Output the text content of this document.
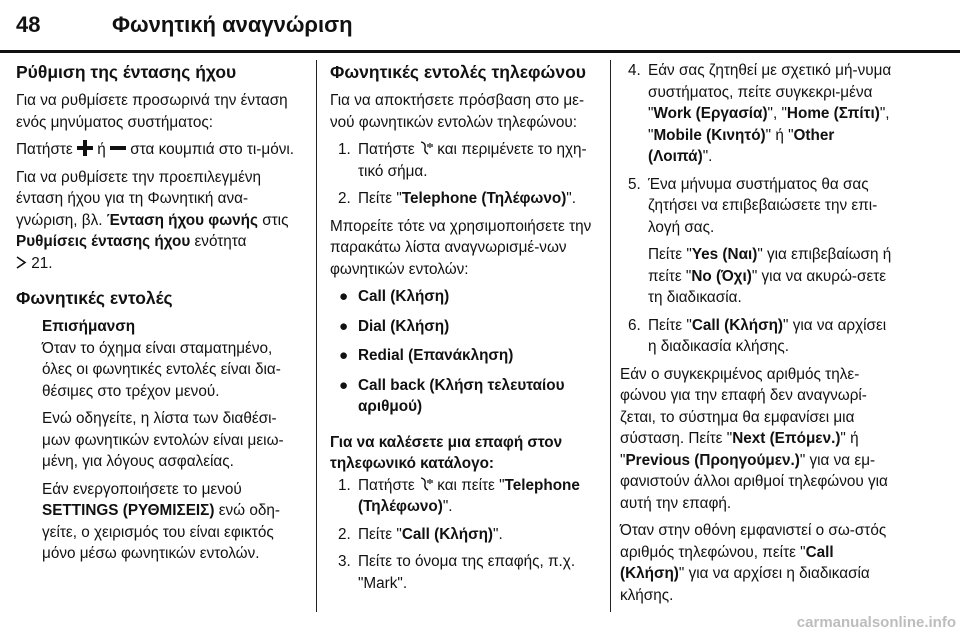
48	Φωνητική αναγνώριση
Ρύθμιση της έντασης ήχου

Για να ρυθμίσετε προσωρινά την ένταση ενός μηνύματος συστήματος:

Πατήστε ή στα κουμπιά στο τι-μόνι.

Για να ρυθμίσετε την προεπιλεγμένη ένταση ήχου για τη Φωνητική ανα-γνώριση, βλ. Ένταση ήχου φωνής στις Ρυθμίσεις έντασης ήχου ενότητα
21.

Φωνητικές εντολές
Επισήμανση

Όταν το όχημα είναι σταματημένο, όλες οι φωνητικές εντολές είναι δια-θέσιμες στο τρέχον μενού.

Ενώ οδηγείτε, η λίστα των διαθέσι-μων φωνητικών εντολών είναι μειω-μένη, για λόγους ασφαλείας.

Εάν ενεργοποιήσετε το μενού
SETTINGS (ΡΥΘΜΙΣΕΙΣ) ενώ οδη-γείτε, ο χειρισμός του είναι εφικτός μόνο μέσω φωνητικών εντολών.

Φωνητικές εντολές τηλεφώνου

Για να αποκτήσετε πρόσβαση στο με-νού φωνητικών εντολών τηλεφώνου:

1. Πατήστε και περιμένετε το ηχη-τικό σήμα.
2. Πείτε "Telephone (Τηλέφωνο)".

Μπορείτε τότε να χρησιμοποιήσετε την παρακάτω λίστα αναγνωρισμέ-νων φωνητικών εντολών:

● Call (Κλήση)
● Dial (Κλήση)
● Redial (Επανάκληση)
● Call back (Κλήση τελευταίου αριθμού)
Για να καλέσετε μια επαφή στον τηλεφωνικό κατάλογο:
1. Πατήστε και πείτε "Telephone (Τηλέφωνο)".
2. Πείτε "Call (Κλήση)".
3. Πείτε το όνομα της επαφής, π.χ. "Mark".
4. Εάν σας ζητηθεί με σχετικό μή-νυμα συστήματος, πείτε συγκεκρι-μένα "Work (Εργασία)", "Home (Σπίτι)", "Mobile (Κινητό)" ή "Other (Λοιπά)".
5. Ένα μήνυμα συστήματος θα σας ζητήσει να επιβεβαιώσετε την επι-λογή σας.
Πείτε "Yes (Ναι)" για επιβεβαίωση ή πείτε "No (Όχι)" για να ακυρώ-σετε τη διαδικασία.
6. Πείτε "Call (Κλήση)" για να αρχίσει η διαδικασία κλήσης.

Εάν ο συγκεκριμένος αριθμός τηλε-φώνου για την επαφή δεν αναγνωρί-ζεται, το σύστημα θα εμφανίσει μια σύσταση. Πείτε "Next (Επόμεν.)" ή "Previous (Προηγούμεν.)" για να εμ-φανιστούν άλλοι αριθμοί τηλεφώνου για αυτή την επαφή.

Όταν στην οθόνη εμφανιστεί ο σω-στός αριθμός τηλεφώνου, πείτε "Call (Κλήση)" για να αρχίσει η διαδικασία κλήσης.

carmanualsonline.info
